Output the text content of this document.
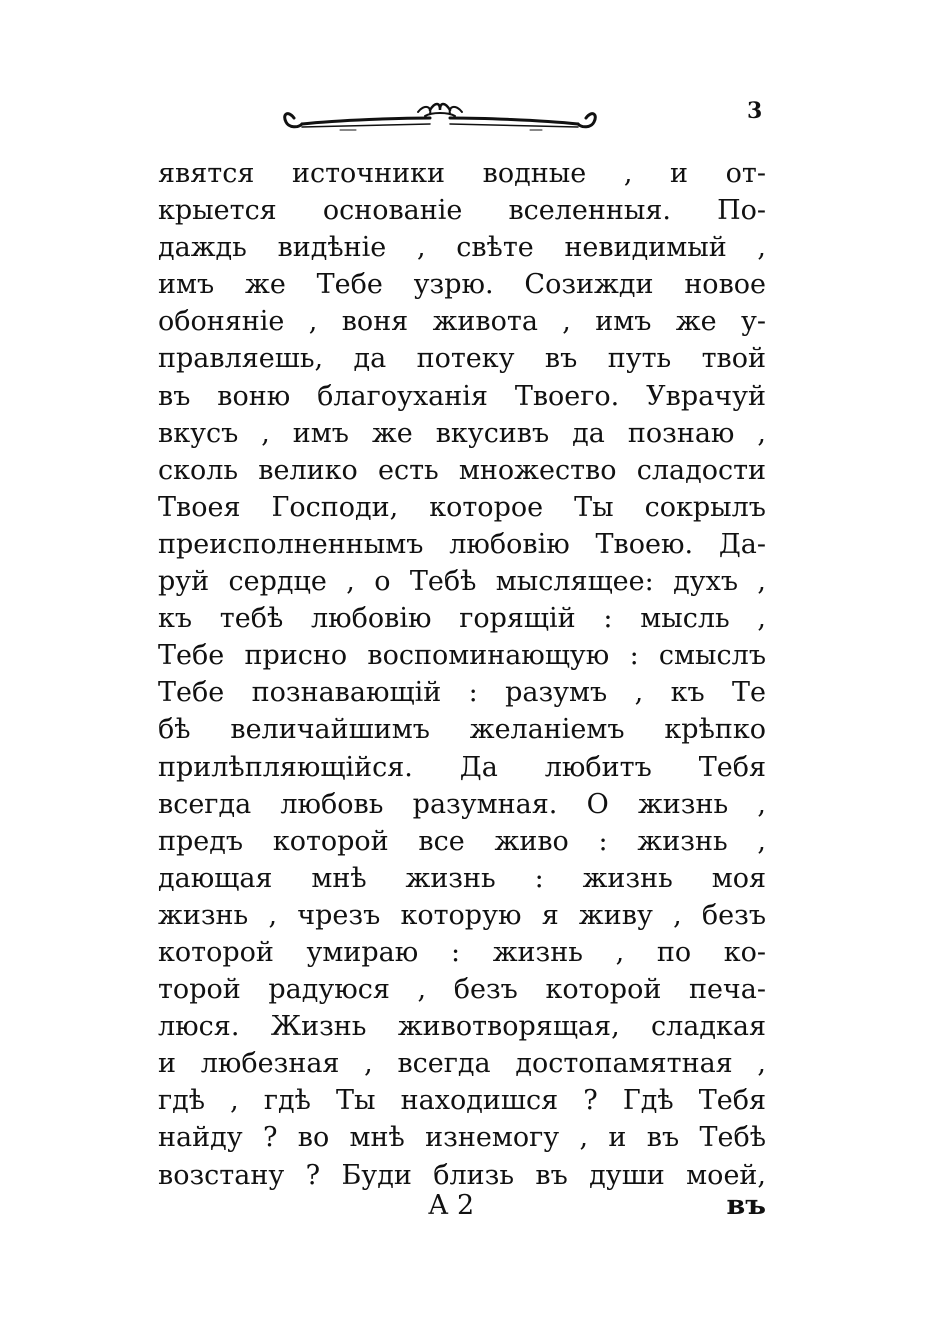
3
явятся источники водные , и от-
крыется основаніе вселенныя. По-
даждь видѣніе , свѣте невидимый ,
имъ же Тебе узрю. Созижди новое
обоняніе , воня живота , имъ же у-
правляешь, да потеку въ путь твой
въ воню благоуханія Твоего. Уврачуй
вкусъ , имъ же вкусивъ да познаю ,
сколь велико есть множество сладости
Твоея Господи, которое Ты сокрылъ
преисполненнымъ любовію Твоею. Да-
руй сердце , о Тебѣ мыслящее: духъ ,
къ тебѣ любовію горящій : мысль ,
Тебе присно воспоминающую : смыслъ
Тебе познавающій : разумъ , къ Те
бѣ величайшимъ желаніемъ крѣпко
прилѣпляющійся. Да любитъ Тебя
всегда любовь разумная. О жизнь ,
предъ которой все живо : жизнь ,
дающая мнѣ жизнь : жизнь моя
жизнь , чрезъ которую я живу , безъ
которой умираю : жизнь , по ко-
торой радуюся , безъ которой печа-
люся. Жизнь животворящая, сладкая
и любезная , всегда достопамятная ,
гдѣ , гдѣ Ты находишся ? Гдѣ Тебя
найду ? во мнѣ изнемогу , и въ Тебѣ
возстану ? Буди близь въ души моей,
А 2	въ
